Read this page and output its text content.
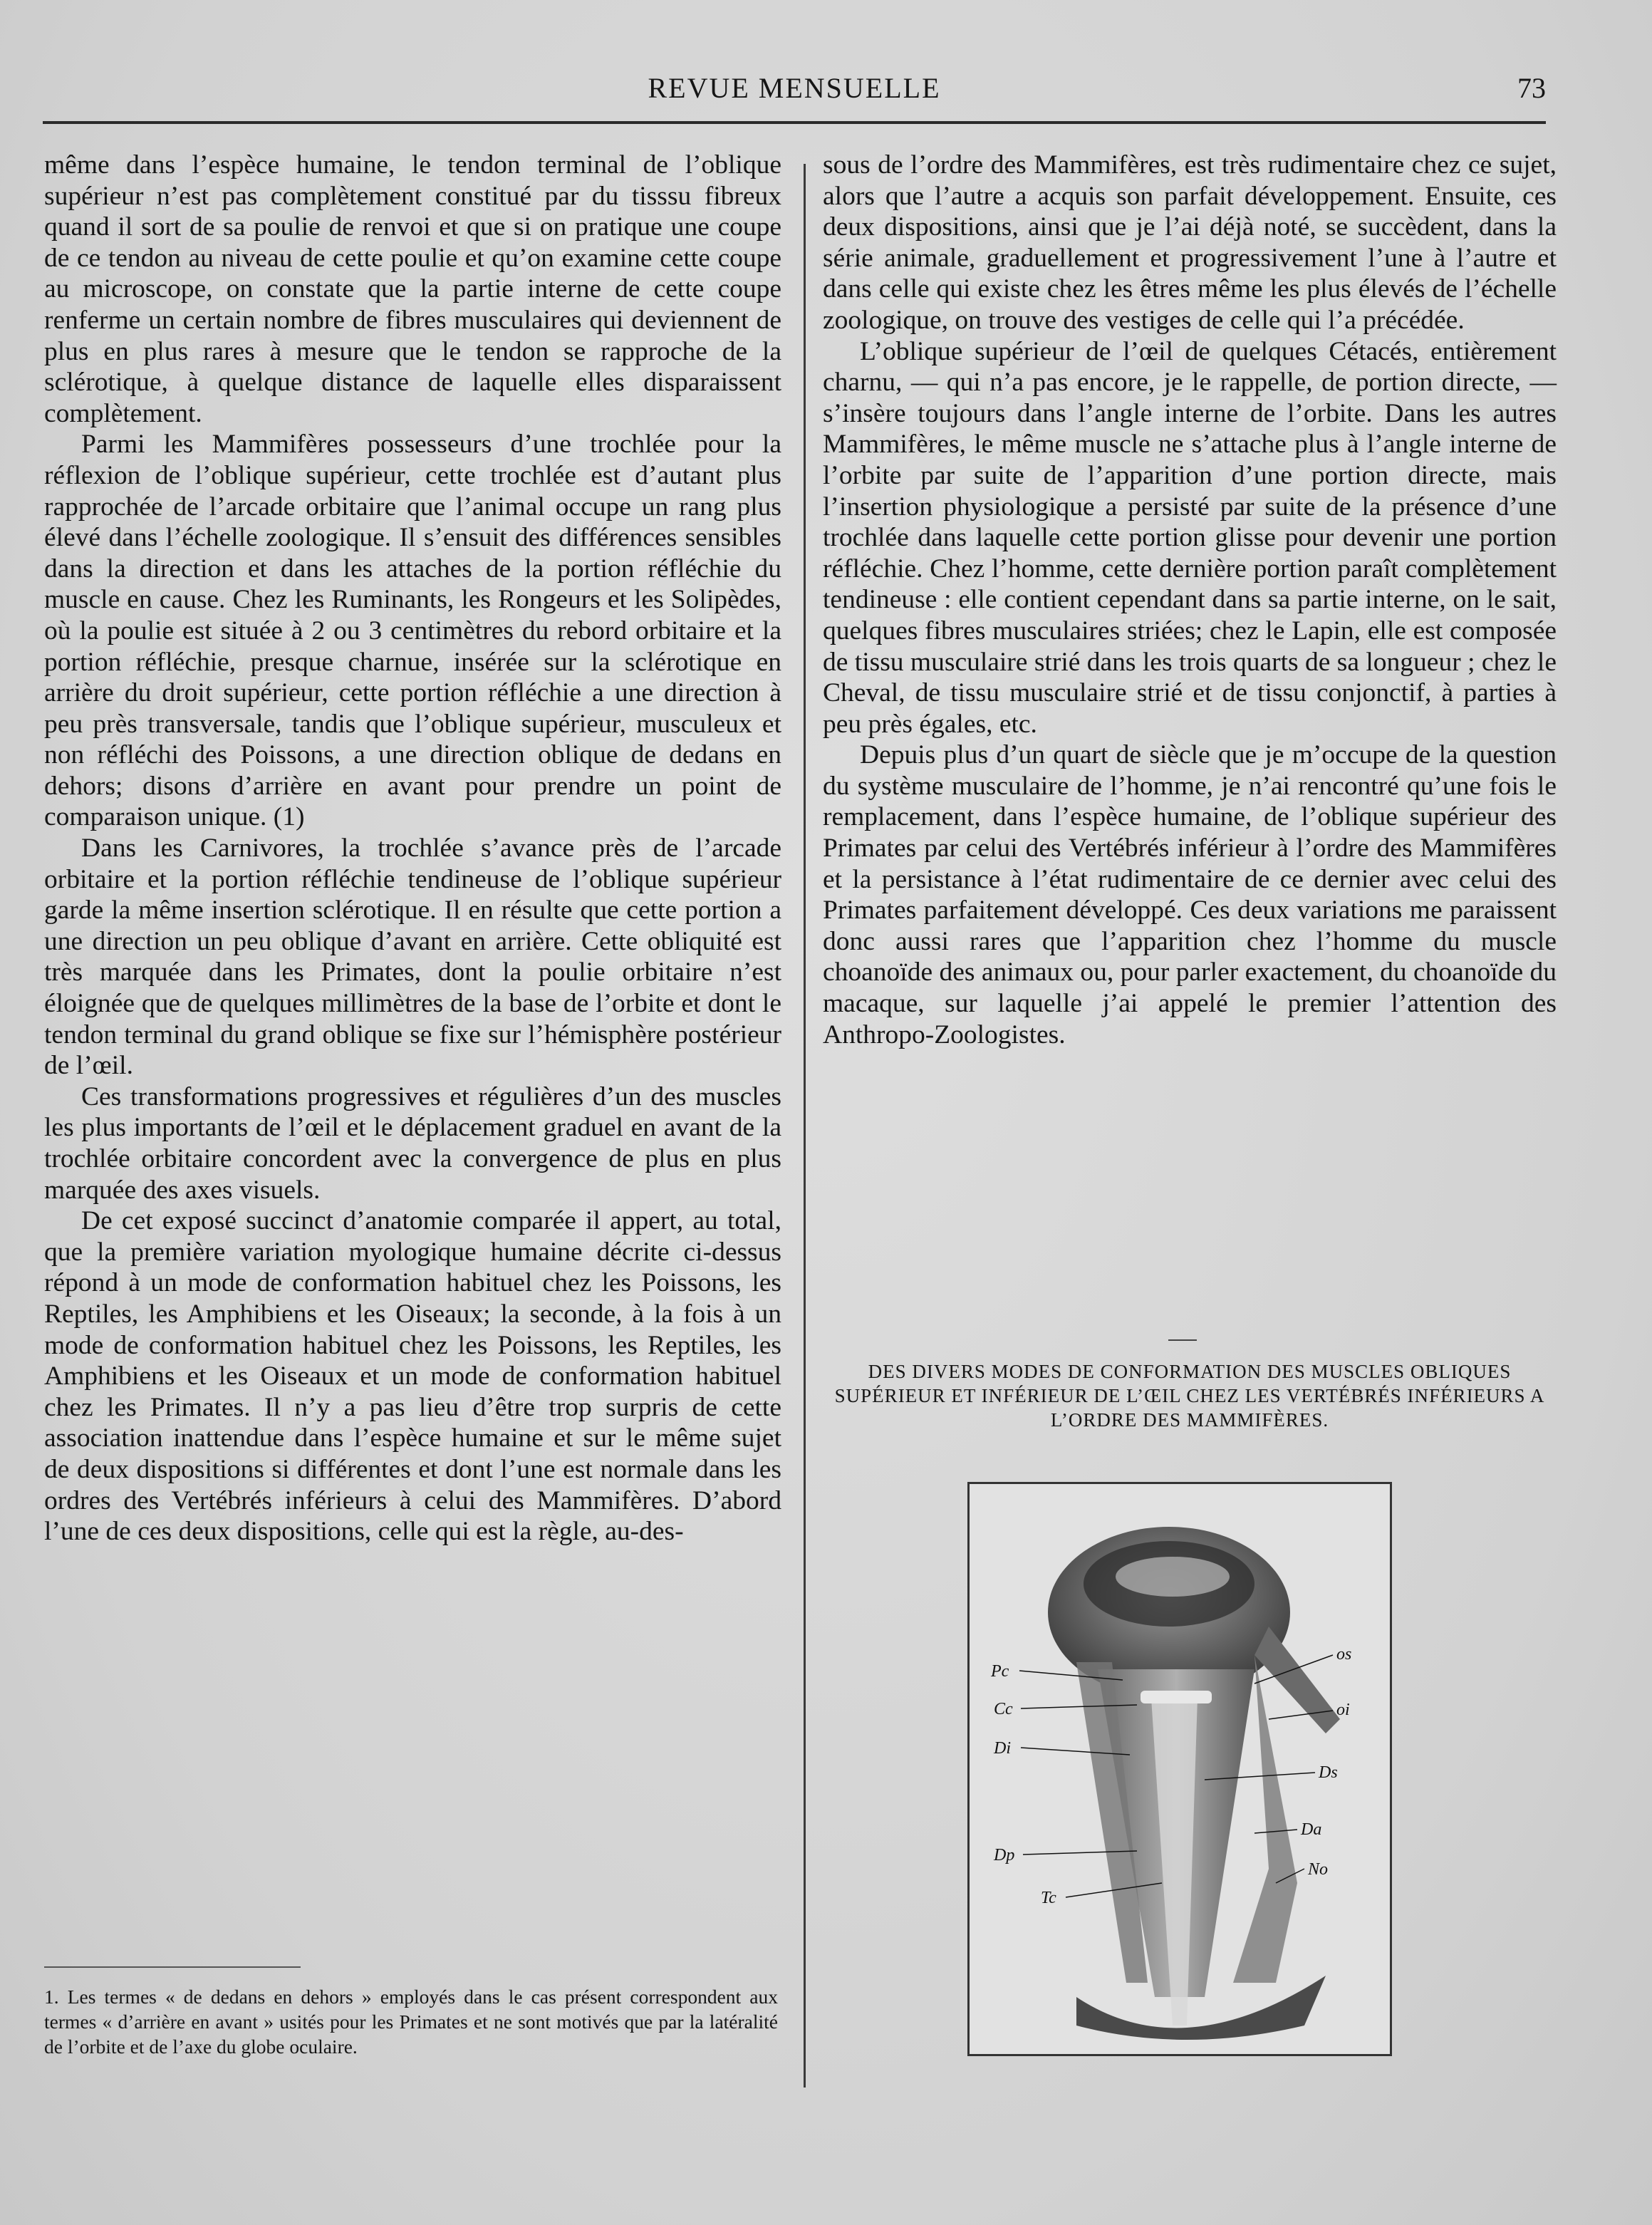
REVUE MENSUELLE	73

même dans l’espèce humaine, le tendon terminal de l’oblique supérieur n’est pas complètement constitué par du tisssu fibreux quand il sort de sa poulie de renvoi et que si on pratique une coupe de ce tendon au niveau de cette poulie et qu’on examine cette coupe au microscope, on constate que la partie interne de cette coupe renferme un certain nombre de fibres musculaires qui deviennent de plus en plus rares à mesure que le tendon se rapproche de la sclérotique, à quelque distance de laquelle elles disparaissent complètement.

Parmi les Mammifères possesseurs d’une trochlée pour la réflexion de l’oblique supérieur, cette trochlée est d’autant plus rapprochée de l’arcade orbitaire que l’animal occupe un rang plus élevé dans l’échelle zoologique. Il s’ensuit des différences sensibles dans la direction et dans les attaches de la portion réfléchie du muscle en cause. Chez les Ruminants, les Rongeurs et les Solipèdes, où la poulie est située à 2 ou 3 centimètres du rebord orbitaire et la portion réfléchie, presque charnue, insérée sur la sclérotique en arrière du droit supérieur, cette portion réfléchie a une direction à peu près transversale, tandis que l’oblique supérieur, musculeux et non réfléchi des Poissons, a une direction oblique de dedans en dehors; disons d’arrière en avant pour prendre un point de comparaison unique. (1)

Dans les Carnivores, la trochlée s’avance près de l’arcade orbitaire et la portion réfléchie tendineuse de l’oblique supérieur garde la même insertion sclérotique. Il en résulte que cette portion a une direction un peu oblique d’avant en arrière. Cette obliquité est très marquée dans les Primates, dont la poulie orbitaire n’est éloignée que de quelques millimètres de la base de l’orbite et dont le tendon terminal du grand oblique se fixe sur l’hémisphère postérieur de l’œil.

Ces transformations progressives et régulières d’un des muscles les plus importants de l’œil et le déplacement graduel en avant de la trochlée orbitaire concordent avec la convergence de plus en plus marquée des axes visuels.

De cet exposé succinct d’anatomie comparée il appert, au total, que la première variation myologique humaine décrite ci-dessus répond à un mode de conformation habituel chez les Poissons, les Reptiles, les Amphibiens et les Oiseaux; la seconde, à la fois à un mode de conformation habituel chez les Poissons, les Reptiles, les Amphibiens et les Oiseaux et un mode de conformation habituel chez les Primates. Il n’y a pas lieu d’être trop surpris de cette association inattendue dans l’espèce humaine et sur le même sujet de deux dispositions si différentes et dont l’une est normale dans les ordres des Vertébrés inférieurs à celui des Mammifères. D’abord l’une de ces deux dispositions, celle qui est la règle, au-des-

sous de l’ordre des Mammifères, est très rudimentaire chez ce sujet, alors que l’autre a acquis son parfait développement. Ensuite, ces deux dispositions, ainsi que je l’ai déjà noté, se succèdent, dans la série animale, graduellement et progressivement l’une à l’autre et dans celle qui existe chez les êtres même les plus élevés de l’échelle zoologique, on trouve des vestiges de celle qui l’a précédée.

L’oblique supérieur de l’œil de quelques Cétacés, entièrement charnu, — qui n’a pas encore, je le rappelle, de portion directe, — s’insère toujours dans l’angle interne de l’orbite. Dans les autres Mammifères, le même muscle ne s’attache plus à l’angle interne de l’orbite par suite de l’apparition d’une portion directe, mais l’insertion physiologique a persisté par suite de la présence d’une trochlée dans laquelle cette portion glisse pour devenir une portion réfléchie. Chez l’homme, cette dernière portion paraît complètement tendineuse : elle contient cependant dans sa partie interne, on le sait, quelques fibres musculaires striées; chez le Lapin, elle est composée de tissu musculaire strié dans les trois quarts de sa longueur ; chez le Cheval, de tissu musculaire strié et de tissu conjonctif, à parties à peu près égales, etc.

Depuis plus d’un quart de siècle que je m’occupe de la question du système musculaire de l’homme, je n’ai rencontré qu’une fois le remplacement, dans l’espèce humaine, de l’oblique supérieur des Primates par celui des Vertébrés inférieur à l’ordre des Mammifères et la persistance à l’état rudimentaire de ce dernier avec celui des Primates parfaitement développé. Ces deux variations me paraissent donc aussi rares que l’apparition chez l’homme du muscle choanoïde des animaux ou, pour parler exactement, du choanoïde du macaque, sur laquelle j’ai appelé le premier l’attention des Anthropo-Zoologistes.

1. Les termes « de dedans en dehors » employés dans le cas présent correspondent aux termes « d’arrière en avant » usités pour les Primates et ne sont motivés que par la latéralité de l’orbite et de l’axe du globe oculaire.
DES DIVERS MODES DE CONFORMATION DES MUSCLES OBLIQUES SUPÉRIEUR ET INFÉRIEUR DE L’ŒIL CHEZ LES VERTÉBRÉS INFÉRIEURS A L’ORDRE DES MAMMIFÈRES.
Pc
Cc
Di
Dp
Tc
os
oi
Ds
Da
No
